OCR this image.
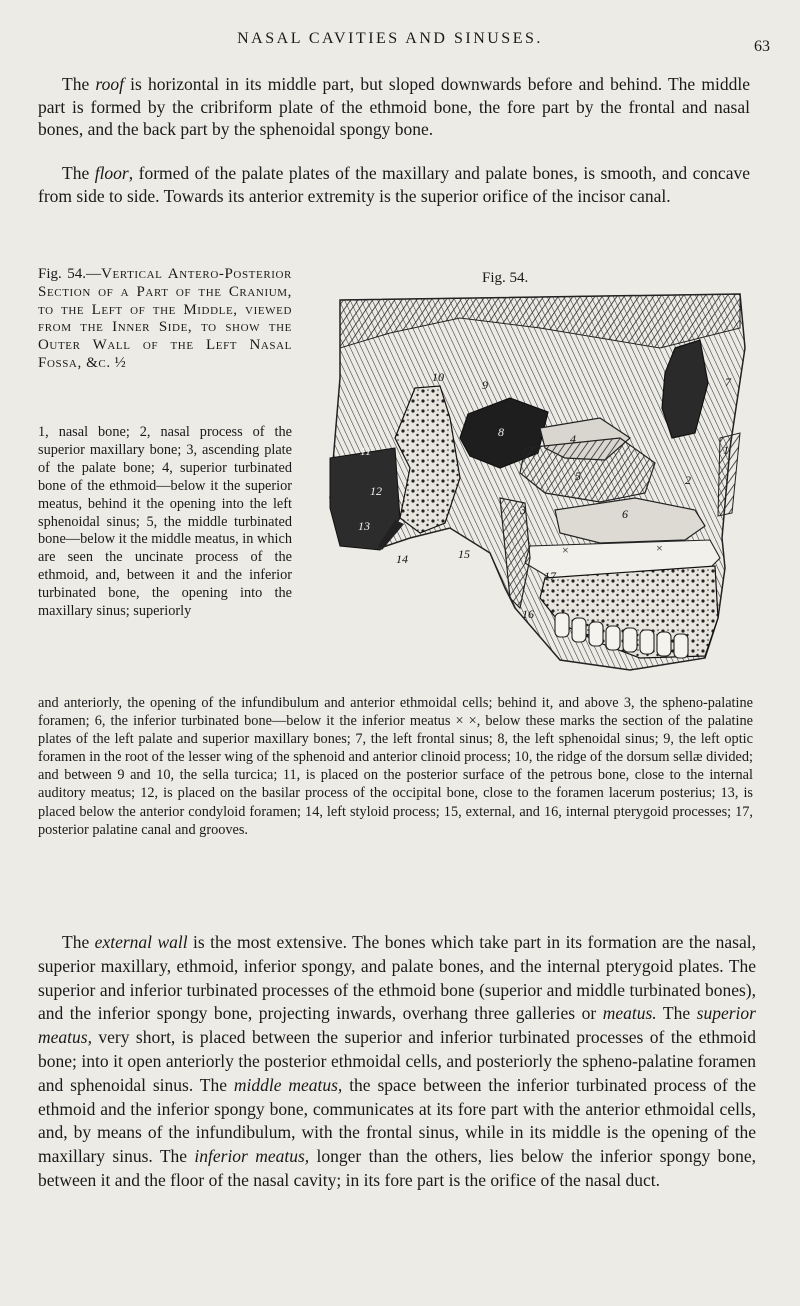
NASAL CAVITIES AND SINUSES.	63

The roof is horizontal in its middle part, but sloped downwards before and behind. The middle part is formed by the cribriform plate of the ethmoid bone, the fore part by the frontal and nasal bones, and the back part by the sphenoidal spongy bone.

The floor, formed of the palate plates of the maxillary and palate bones, is smooth, and concave from side to side. Towards its anterior extremity is the superior orifice of the incisor canal.

Fig. 54.—Vertical Antero-Posterior Section of a Part of the Cranium, to the Left of the Middle, viewed from the Inner Side, to show the Outer Wall of the Left Nasal Fossa, &c. ½

1, nasal bone; 2, nasal process of the superior maxillary bone; 3, ascending plate of the palate bone; 4, superior turbinated bone of the ethmoid—below it the superior meatus, behind it the opening into the left sphenoidal sinus; 5, the middle turbinated bone—below it the middle meatus, in which are seen the uncinate process of the ethmoid, and, between it and the inferior turbinated bone, the opening into the maxillary sinus; superiorly

Fig. 54.
1
2
3
4
5
6
7
8
9
10
11
12
13
14	15
16
17
×	×

and anteriorly, the opening of the infundibulum and anterior ethmoidal cells; behind it, and above 3, the spheno-palatine foramen; 6, the inferior turbinated bone—below it the inferior meatus × ×, below these marks the section of the palatine plates of the left palate and superior maxillary bones; 7, the left frontal sinus; 8, the left sphenoidal sinus; 9, the left optic foramen in the root of the lesser wing of the sphenoid and anterior clinoid process; 10, the ridge of the dorsum sellæ divided; and between 9 and 10, the sella turcica; 11, is placed on the posterior surface of the petrous bone, close to the internal auditory meatus; 12, is placed on the basilar process of the occipital bone, close to the foramen lacerum posterius; 13, is placed below the anterior condyloid foramen; 14, left styloid process; 15, external, and 16, internal pterygoid processes; 17, posterior palatine canal and grooves.

The external wall is the most extensive. The bones which take part in its formation are the nasal, superior maxillary, ethmoid, inferior spongy, and palate bones, and the internal pterygoid plates. The superior and inferior turbinated processes of the ethmoid bone (superior and middle turbinated bones), and the inferior spongy bone, projecting inwards, overhang three galleries or meatus. The superior meatus, very short, is placed between the superior and inferior turbinated processes of the ethmoid bone; into it open anteriorly the posterior ethmoidal cells, and posteriorly the spheno-palatine foramen and sphenoidal sinus. The middle meatus, the space between the inferior turbinated process of the ethmoid and the inferior spongy bone, communicates at its fore part with the anterior ethmoidal cells, and, by means of the infundibulum, with the frontal sinus, while in its middle is the opening of the maxillary sinus. The inferior meatus, longer than the others, lies below the inferior spongy bone, between it and the floor of the nasal cavity; in its fore part is the orifice of the nasal duct.
